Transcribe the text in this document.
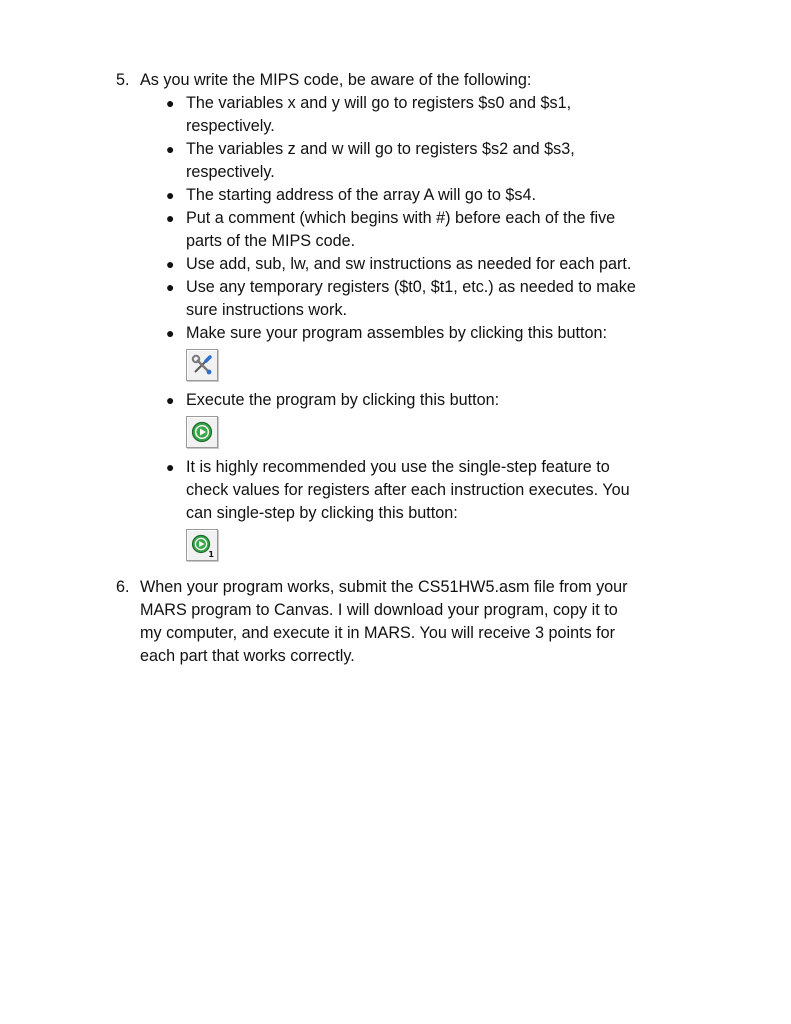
5. As you write the MIPS code, be aware of the following:
● The variables x and y will go to registers $s0 and $s1,
respectively.
● The variables z and w will go to registers $s2 and $s3,
respectively.
● The starting address of the array A will go to $s4.
● Put a comment (which begins with #) before each of the five
parts of the MIPS code.
● Use add, sub, lw, and sw instructions as needed for each part.
● Use any temporary registers ($t0, $t1, etc.) as needed to make
sure instructions work.
● Make sure your program assembles by clicking this button:
● Execute the program by clicking this button:
● It is highly recommended you use the single-step feature to
check values for registers after each instruction executes. You
can single-step by clicking this button:
1
6. When your program works, submit the CS51HW5.asm file from your
MARS program to Canvas. I will download your program, copy it to
my computer, and execute it in MARS. You will receive 3 points for
each part that works correctly.
